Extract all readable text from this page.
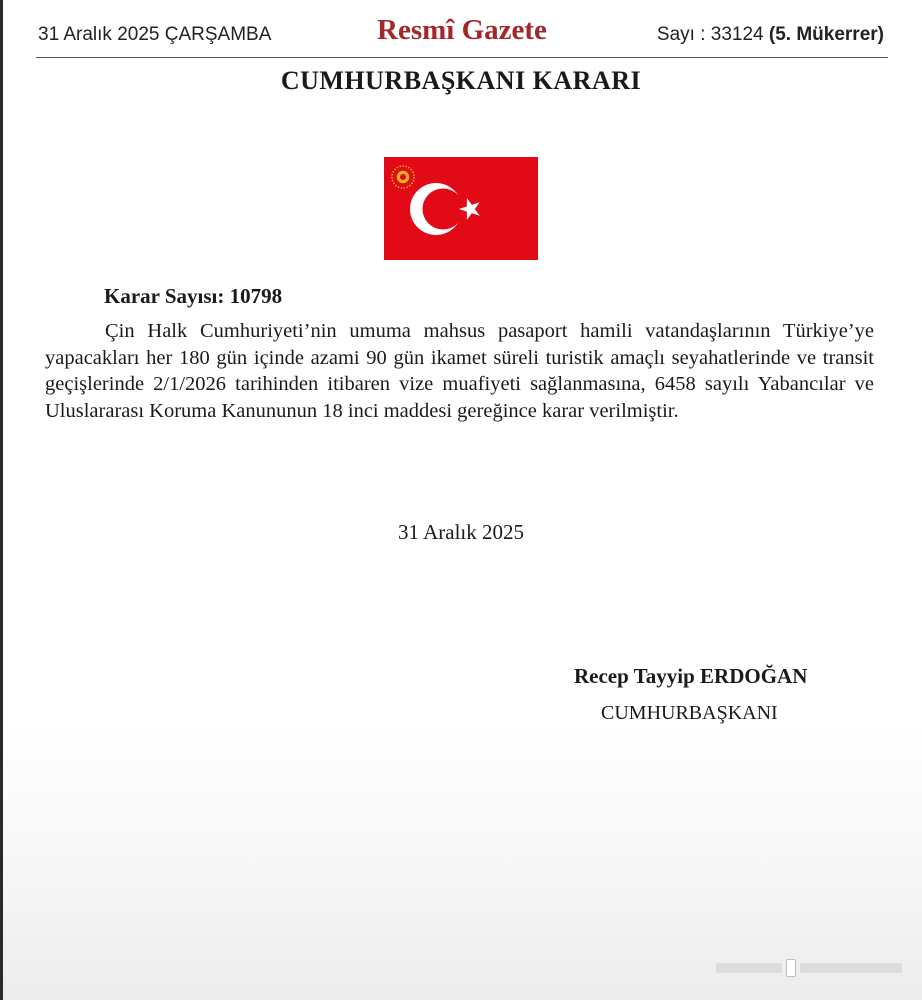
31 Aralık 2025 ÇARŞAMBA	Resmî Gazete	Sayı : 33124 (5. Mükerrer)
CUMHURBAŞKANI KARARI
Karar Sayısı: 10798

Çin Halk Cumhuriyeti’nin umuma mahsus pasaport hamili vatandaşlarının Türkiye’ye yapacakları her 180 gün içinde azami 90 gün ikamet süreli turistik amaçlı seyahatlerinde ve transit geçişlerinde 2/1/2026 tarihinden itibaren vize muafiyeti sağlanmasına, 6458 sayılı Yabancılar ve Uluslararası Koruma Kanununun 18 inci maddesi gereğince karar verilmiştir.

31 Aralık 2025
Recep Tayyip ERDOĞAN
CUMHURBAŞKANI
